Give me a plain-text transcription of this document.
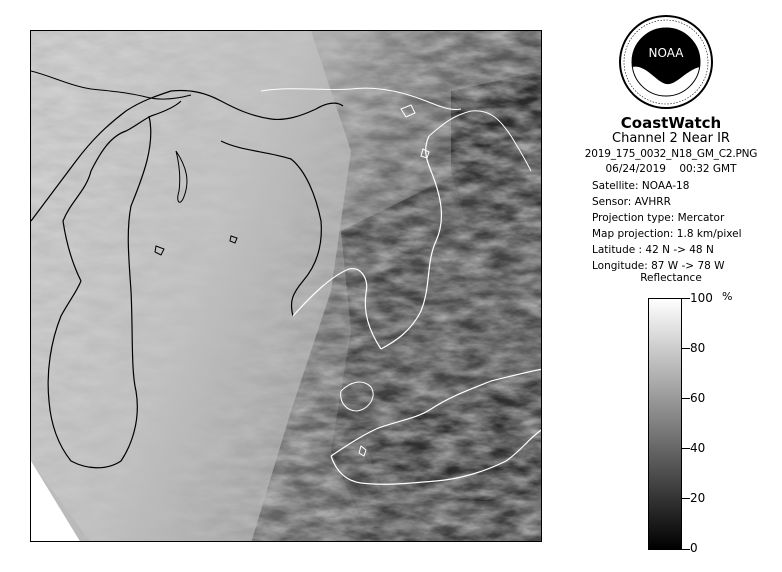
NOAA
CoastWatch
Channel 2 Near IR
2019_175_0032_N18_GM_C2.PNG
06/24/2019    00:32 GMT
Satellite: NOAA-18
Sensor: AVHRR
Projection type: Mercator
Map projection: 1.8 km/pixel
Latitude : 42 N -> 48 N
Longitude: 87 W -> 78 W
Reflectance
%
100
80
60
40
20
0
